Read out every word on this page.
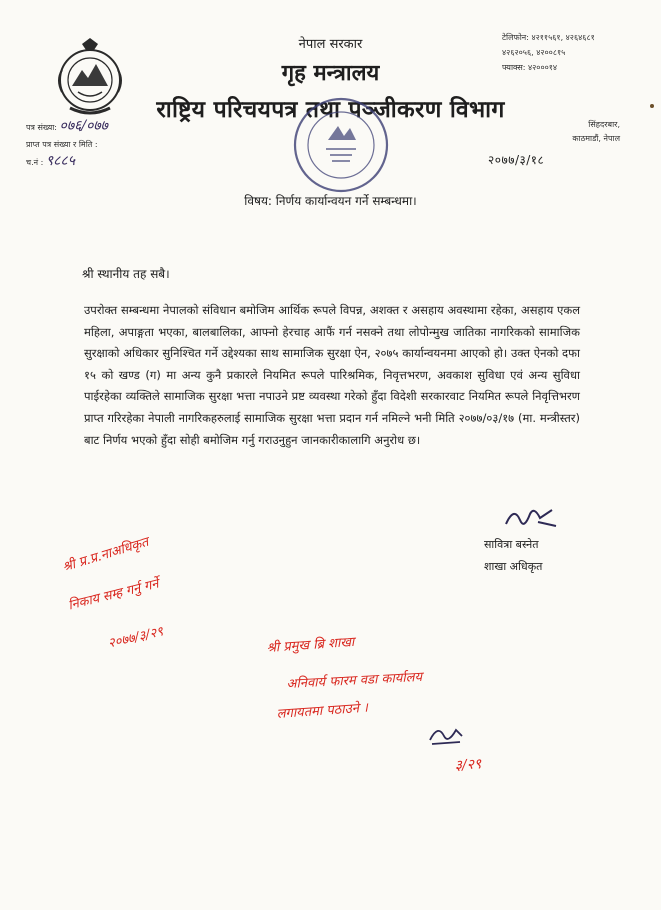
नेपाल सरकार
गृह मन्त्रालय
राष्ट्रिय परिचयपत्र तथा पञ्जीकरण विभाग
टेलिफोन: ४२११५६१, ४२६४६८१
४२६२०५६, ४२००८१५
फ्याक्स: ४२०००१४
सिंहदरबार,
काठमाडौं, नेपाल
पत्र संख्या: ०७६/०७७
प्राप्त पत्र संख्या र मिति :
च.नं : ९८८५	२०७७/३/१८
विषय: निर्णय कार्यान्वयन गर्ने सम्बन्धमा।
श्री स्थानीय तह सबै।
उपरोक्त सम्बन्धमा नेपालको संविधान बमोजिम आर्थिक रूपले विपन्न, अशक्त र असहाय अवस्थामा रहेका, असहाय एकल महिला, अपाङ्गता भएका, बालबालिका, आफ्नो हेरचाह आफैं गर्न नसक्ने तथा लोपोन्मुख जातिका नागरिकको सामाजिक सुरक्षाको अधिकार सुनिश्चित गर्ने उद्देश्यका साथ सामाजिक सुरक्षा ऐन, २०७५ कार्यान्वयनमा आएको हो। उक्त ऐनको दफा १५ को खण्ड (ग) मा अन्य कुनै प्रकारले नियमित रूपले पारिश्रमिक, निवृत्तभरण, अवकाश सुविधा एवं अन्य सुविधा पाईरहेका व्यक्तिले सामाजिक सुरक्षा भत्ता नपाउने प्रष्ट व्यवस्था गरेको हुँदा विदेशी सरकारवाट नियमित रूपले निवृत्तिभरण प्राप्त गरिरहेका नेपाली नागरिकहरुलाई सामाजिक सुरक्षा भत्ता प्रदान गर्न नमिल्ने भनी मिति २०७७/०३/१७ (मा. मन्त्रीस्तर) बाट निर्णय भएको हुँदा सोही बमोजिम गर्नु गराउनुहुन जानकारीकालागि अनुरोध छ।
सावित्रा बस्नेत
शाखा अधिकृत
श्री प्र.प्र.नाअधिकृत
निकाय सम्ह गर्नु गर्ने
२०७७/३/२९	श्री प्रमुख ब्रि शाखा
अनिवार्य फारम वडा कार्यालय
लगायतमा पठाउने ।
३/२९
